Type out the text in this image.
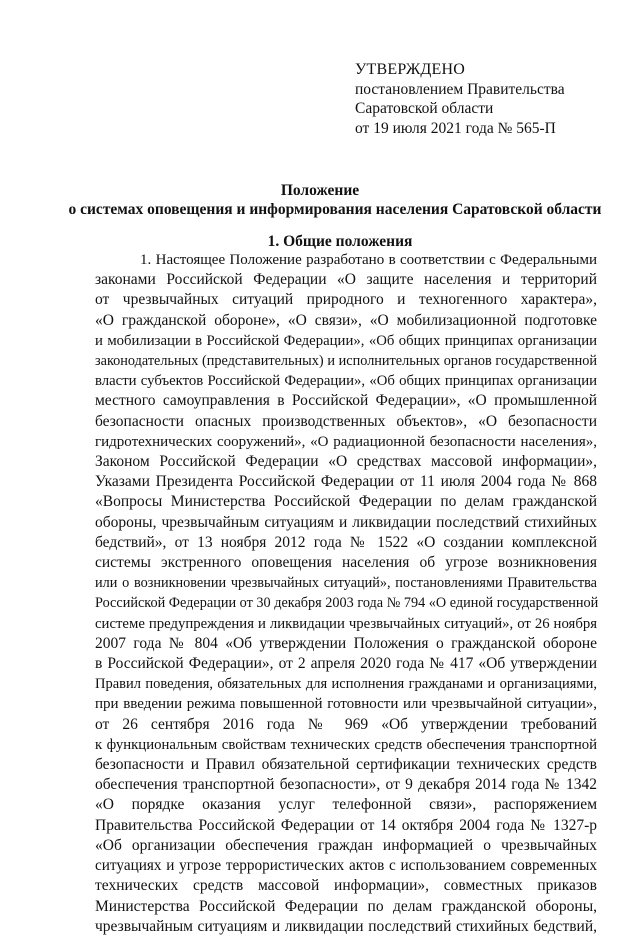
УТВЕРЖДЕНО
постановлением Правительства
Саратовской области
от 19 июля 2021 года № 565-П
Положение
о системах оповещения и информирования населения Саратовской области
1. Общие положения
1. Настоящее Положение разработано в соответствии с Федеральными
законами Российской Федерации «О защите населения и территорий
от чрезвычайных ситуаций природного и техногенного характера»,
«О гражданской обороне», «О связи», «О мобилизационной подготовке
и мобилизации в Российской Федерации», «Об общих принципах организации
законодательных (представительных) и исполнительных органов государственной
власти субъектов Российской Федерации», «Об общих принципах организации
местного самоуправления в Российской Федерации», «О промышленной
безопасности опасных производственных объектов», «О безопасности
гидротехнических сооружений», «О радиационной безопасности населения»,
Законом Российской Федерации «О средствах массовой информации»,
Указами Президента Российской Федерации от 11 июля 2004 года № 868
«Вопросы Министерства Российской Федерации по делам гражданской
обороны, чрезвычайным ситуациям и ликвидации последствий стихийных
бедствий», от 13 ноября 2012 года № 1522 «О создании комплексной
системы экстренного оповещения населения об угрозе возникновения
или о возникновении чрезвычайных ситуаций», постановлениями Правительства
Российской Федерации от 30 декабря 2003 года № 794 «О единой государственной
системе предупреждения и ликвидации чрезвычайных ситуаций», от 26 ноября
2007 года № 804 «Об утверждении Положения о гражданской обороне
в Российской Федерации», от 2 апреля 2020 года № 417 «Об утверждении
Правил поведения, обязательных для исполнения гражданами и организациями,
при введении режима повышенной готовности или чрезвычайной ситуации»,
от 26 сентября 2016 года № 969 «Об утверждении требований
к функциональным свойствам технических средств обеспечения транспортной
безопасности и Правил обязательной сертификации технических средств
обеспечения транспортной безопасности», от 9 декабря 2014 года № 1342
«О порядке оказания услуг телефонной связи», распоряжением
Правительства Российской Федерации от 14 октября 2004 года № 1327-р
«Об организации обеспечения граждан информацией о чрезвычайных
ситуациях и угрозе террористических актов с использованием современных
технических средств массовой информации», совместных приказов
Министерства Российской Федерации по делам гражданской обороны,
чрезвычайным ситуациям и ликвидации последствий стихийных бедствий,
